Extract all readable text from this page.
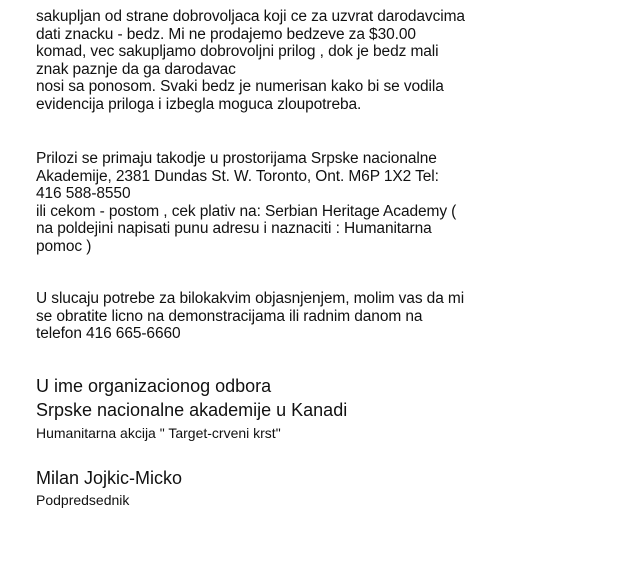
sakupljan od strane dobrovoljaca koji ce za uzvrat darodavcima
dati znacku - bedz. Mi ne prodajemo bedzeve za $30.00
komad, vec sakupljamo dobrovoljni prilog , dok je bedz mali
znak paznje da ga darodavac
nosi sa ponosom. Svaki bedz je numerisan kako bi se vodila
evidencija priloga i izbegla moguca zloupotreba.
Prilozi se primaju takodje u prostorijama Srpske nacionalne
Akademije, 2381 Dundas St. W. Toronto, Ont. M6P 1X2 Tel:
416 588-8550
ili cekom - postom , cek plativ na: Serbian Heritage Academy (
na poldejini napisati punu adresu i naznaciti : Humanitarna
pomoc )
U slucaju potrebe za bilokakvim objasnjenjem, molim vas da mi
se obratite licno na demonstracijama ili radnim danom na
telefon 416 665-6660

U ime organizacionog odbora

Srpske nacionalne akademije u Kanadi

Humanitarna akcija " Target-crveni krst"

Milan Jojkic-Micko

Podpredsednik
